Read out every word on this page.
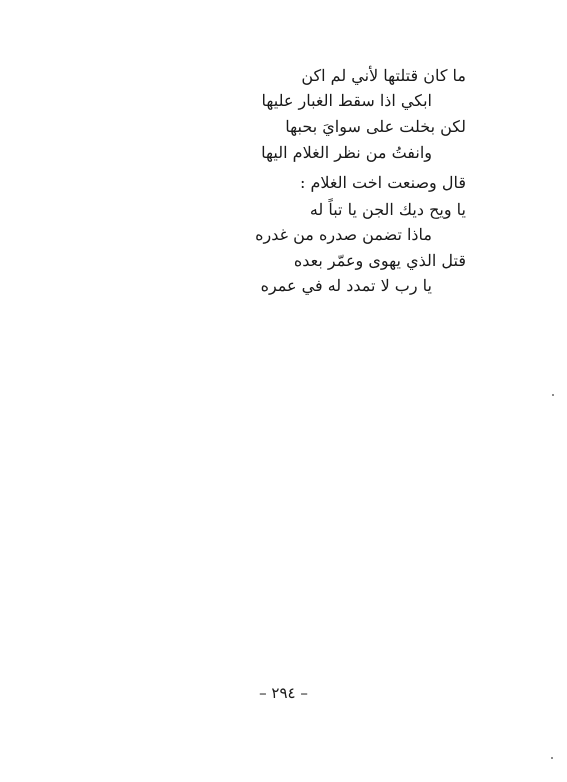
ما كان قتلتها لأني لم اكن
ابكي اذا سقط الغبار عليها
لكن بخلت على سوايَ بحبها
وانفتُ من نظر الغلام اليها
قال وصنعت اخت الغلام :
يا ويح ديك الجن يا تباً له
ماذا تضمن صدره من غدره
قتل الذي يهوى وعمّر بعده
يا رب لا تمدد له في عمره
– ٢٩٤ –
